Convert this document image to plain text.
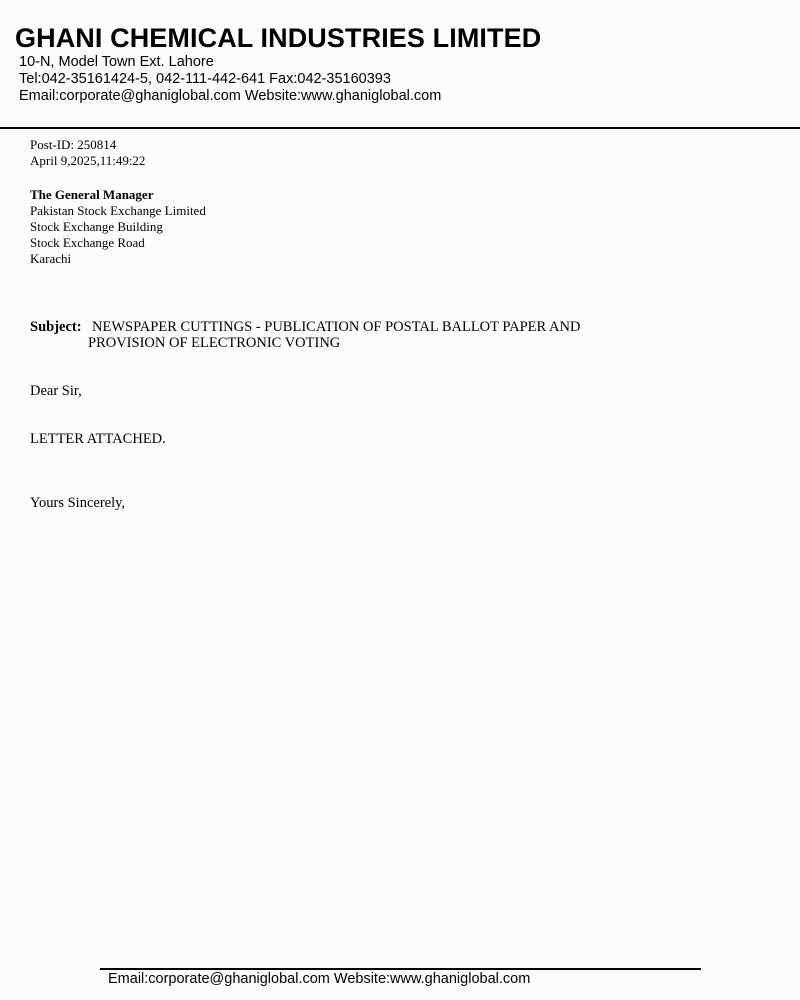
GHANI CHEMICAL INDUSTRIES LIMITED
10-N, Model Town Ext. Lahore
Tel:042-35161424-5, 042-111-442-641 Fax:042-35160393
Email:corporate@ghaniglobal.com Website:www.ghaniglobal.com
Post-ID: 250814
April 9,2025,11:49:22
The General Manager
Pakistan Stock Exchange Limited
Stock Exchange Building
Stock Exchange Road
Karachi
Subject: NEWSPAPER CUTTINGS - PUBLICATION OF POSTAL BALLOT PAPER AND
PROVISION OF ELECTRONIC VOTING
Dear Sir,
LETTER ATTACHED.
Yours Sincerely,
Email:corporate@ghaniglobal.com Website:www.ghaniglobal.com
